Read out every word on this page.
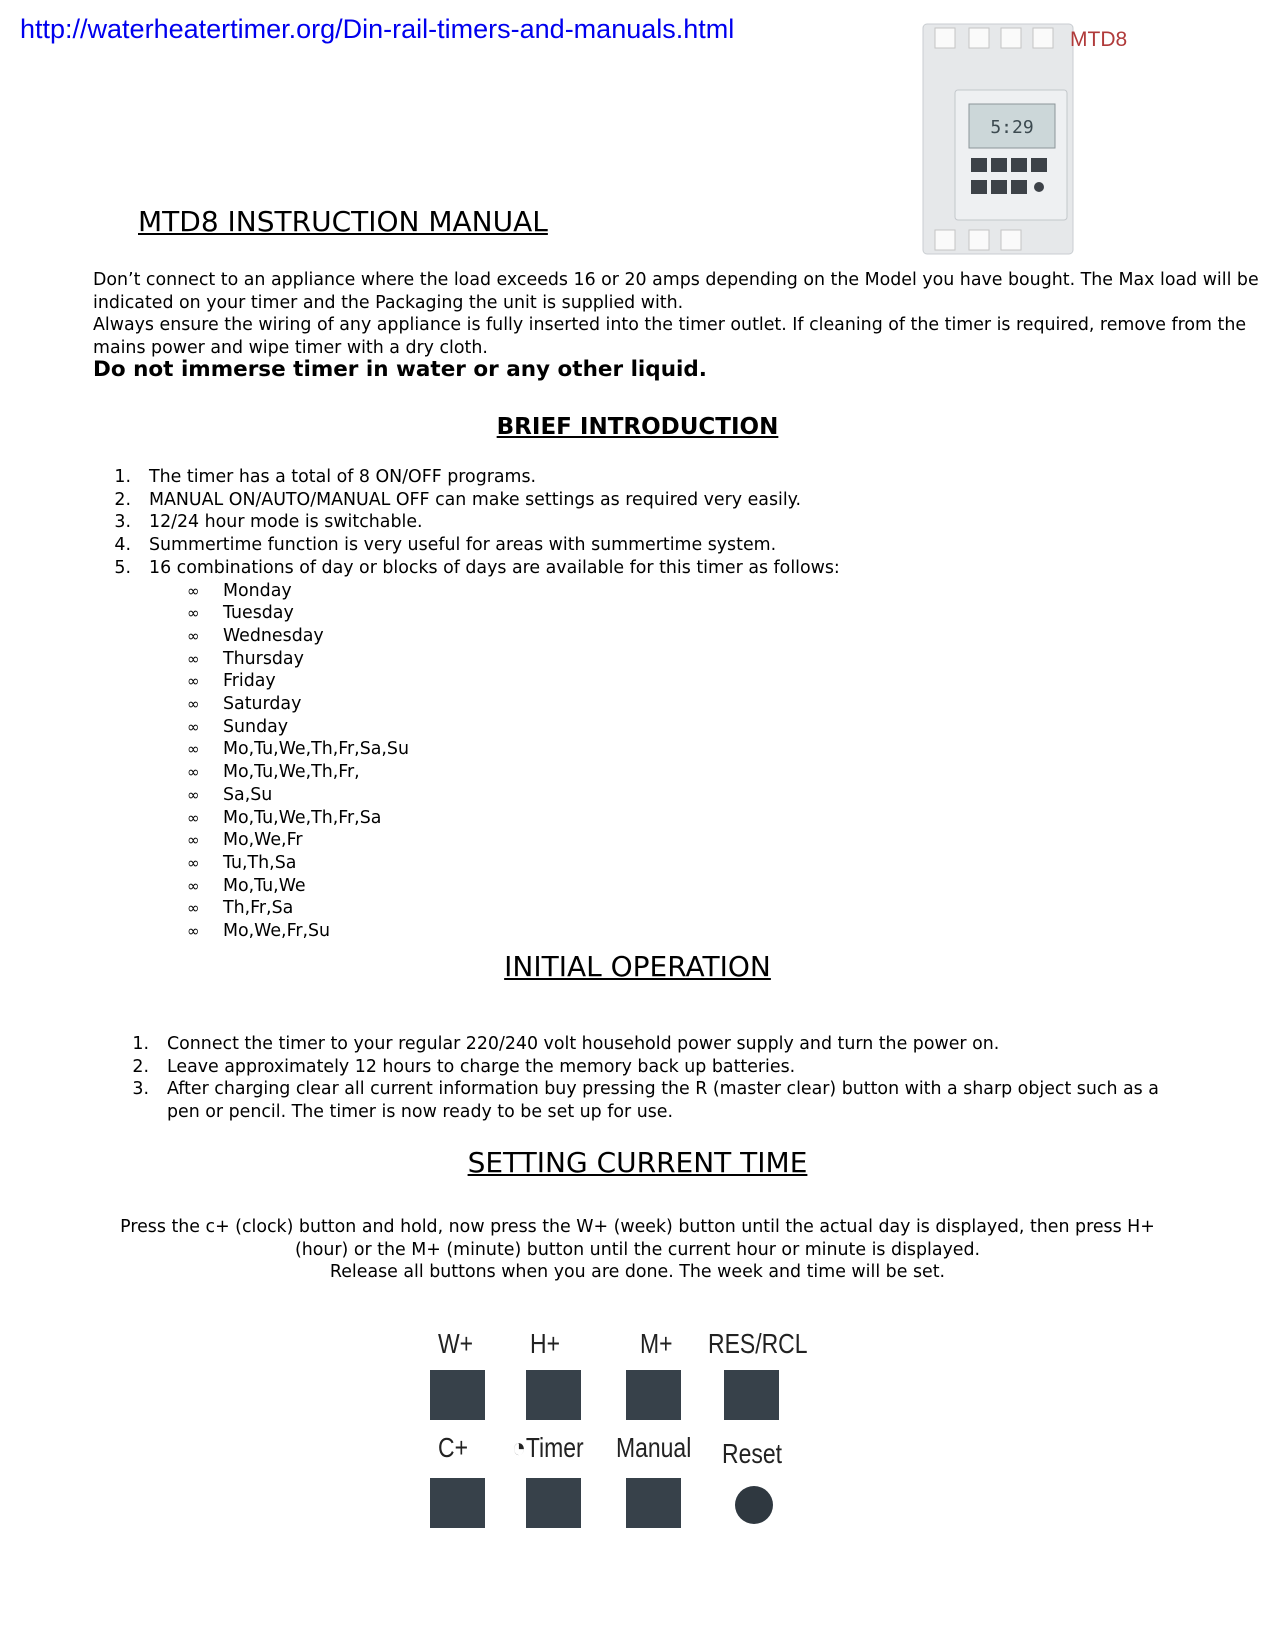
http://waterheatertimer.org/Din-rail-timers-and-manuals.html
5:29
MTD8
MTD8 INSTRUCTION MANUAL

Don’t connect to an appliance where the load exceeds 16 or 20 amps depending on the Model you have bought. The Max load will be indicated on your timer and the Packaging the unit is supplied with.

Always ensure the wiring of any appliance is fully inserted into the timer outlet. If cleaning of the timer is required, remove from the mains power and wipe timer with a dry cloth.

Do not immerse timer in water or any other liquid.

BRIEF INTRODUCTION
1. The timer has a total of 8 ON/OFF programs.
2. MANUAL ON/AUTO/MANUAL OFF can make settings as required very easily.
3. 12/24 hour mode is switchable.
4. Summertime function is very useful for areas with summertime system.
5. 16 combinations of day or blocks of days are available for this timer as follows:
∞ Monday
∞ Tuesday
∞ Wednesday
∞ Thursday
∞ Friday
∞ Saturday
∞ Sunday
∞ Mo,Tu,We,Th,Fr,Sa,Su
∞ Mo,Tu,We,Th,Fr,
∞ Sa,Su
∞ Mo,Tu,We,Th,Fr,Sa
∞ Mo,We,Fr
∞ Tu,Th,Sa
∞ Mo,Tu,We
∞ Th,Fr,Sa
∞ Mo,We,Fr,Su
INITIAL OPERATION
1. Connect the timer to your regular 220/240 volt household power supply and turn the power on.
2. Leave approximately 12 hours to charge the memory back up batteries.
3. After charging clear all current information buy pressing the R (master clear) button with a sharp object such as a pen or pencil. The timer is now ready to be set up for use.
SETTING CURRENT TIME
Press the c+ (clock) button and hold, now press the W+ (week) button until the actual day is displayed, then press H+ (hour) or the M+ (minute) button until the current hour or minute is displayed.
Release all buttons when you are done. The week and time will be set.
W+ H+	M+ RES/RCL
C+ ◔Timer Manual Reset
